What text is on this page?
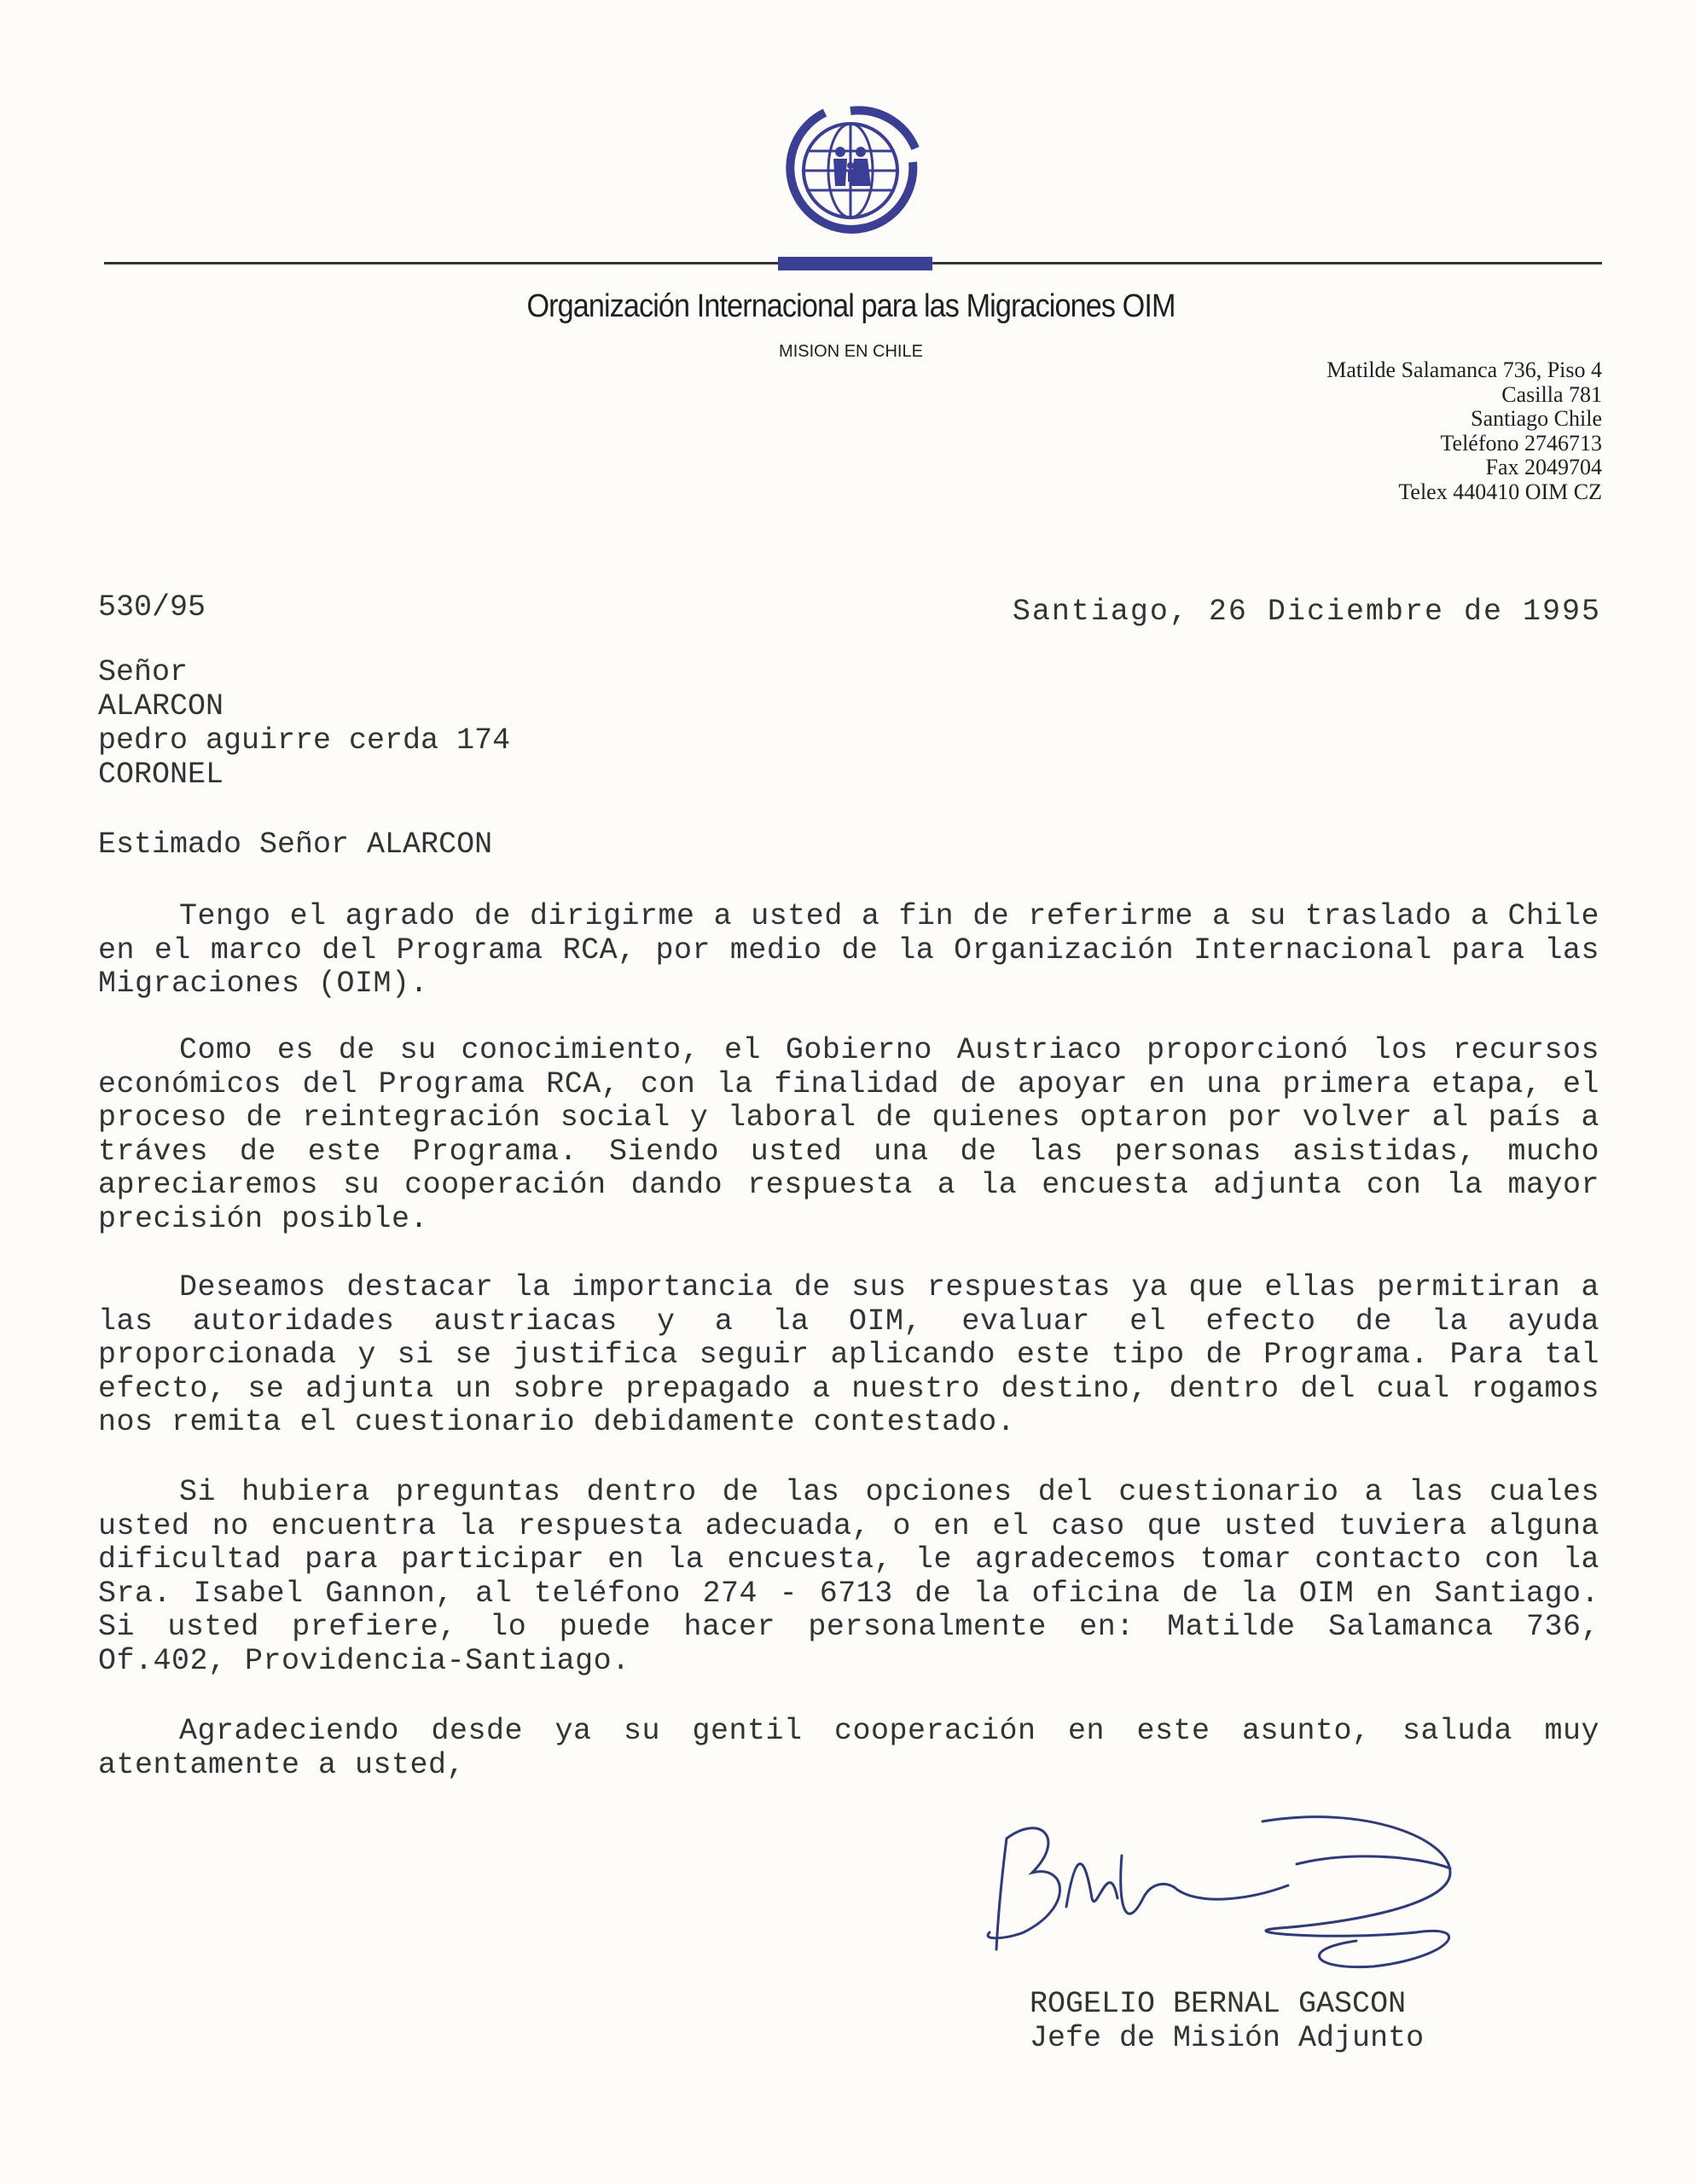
Organización Internacional para las Migraciones OIM
MISION EN CHILE
Matilde Salamanca 736, Piso 4
Casilla 781
Santiago Chile
Teléfono 2746713
Fax 2049704
Telex 440410 OIM CZ
530/95	Santiago, 26 Diciembre de 1995
Señor
ALARCON
pedro aguirre cerda 174
CORONEL
Estimado Señor ALARCON
Tengo el agrado de dirigirme a usted a fin de referirme a su traslado a Chile en el marco del Programa RCA, por medio de la Organización Internacional para las Migraciones (OIM).
Como es de su conocimiento, el Gobierno Austriaco proporcionó los recursos económicos del Programa RCA, con la finalidad de apoyar en una primera etapa, el proceso de reintegración social y laboral de quienes optaron por volver al país a tráves de este Programa. Siendo usted una de las personas asistidas, mucho apreciaremos su cooperación dando respuesta a la encuesta adjunta con la mayor precisión posible.
Deseamos destacar la importancia de sus respuestas ya que ellas permitiran a las autoridades austriacas y a la OIM, evaluar el efecto de la ayuda proporcionada y si se justifica seguir aplicando este tipo de Programa. Para tal efecto, se adjunta un sobre prepagado a nuestro destino, dentro del cual rogamos nos remita el cuestionario debidamente contestado.
Si hubiera preguntas dentro de las opciones del cuestionario a las cuales usted no encuentra la respuesta adecuada, o en el caso que usted tuviera alguna dificultad para participar en la encuesta, le agradecemos tomar contacto con la Sra. Isabel Gannon, al teléfono 274 - 6713 de la oficina de la OIM en Santiago. Si usted prefiere, lo puede hacer personalmente en: Matilde Salamanca 736, Of.402, Providencia-Santiago.
Agradeciendo desde ya su gentil cooperación en este asunto, saluda muy atentamente a usted,
ROGELIO BERNAL GASCON
Jefe de Misión Adjunto
